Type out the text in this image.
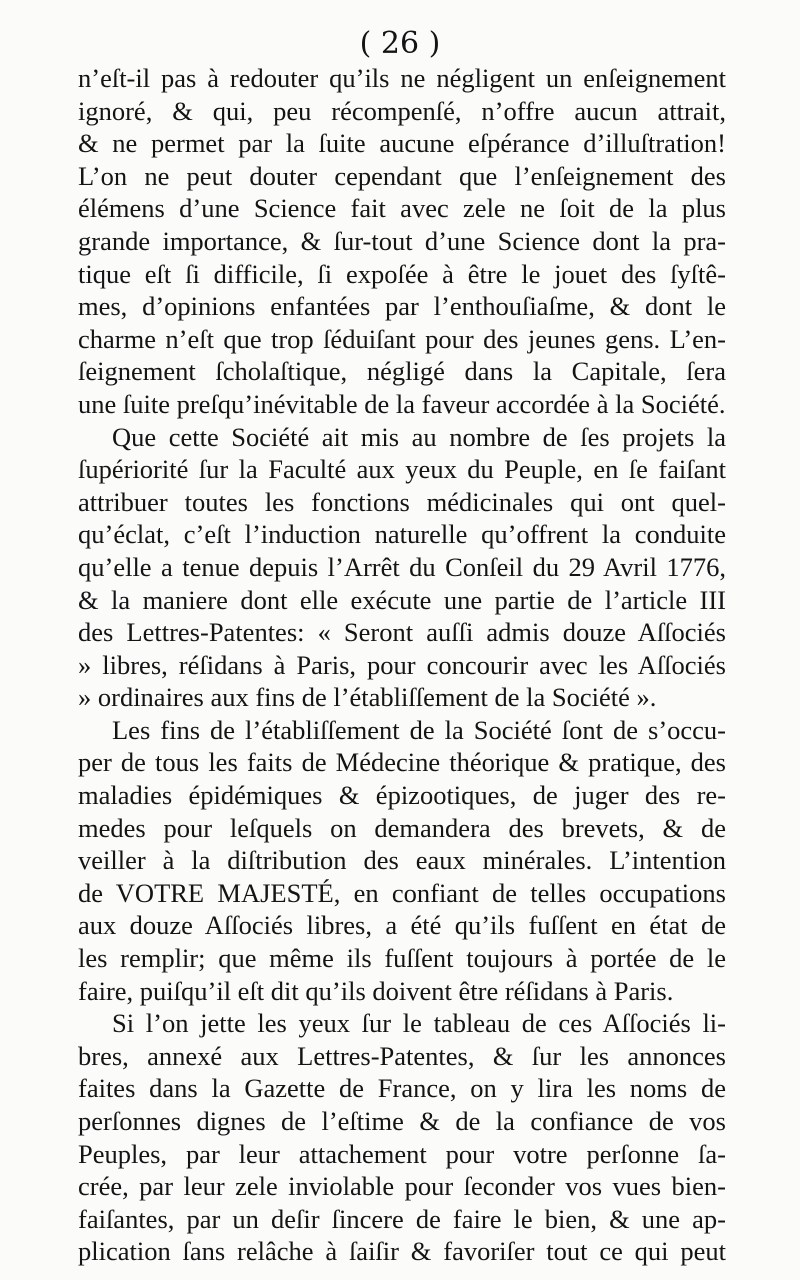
( 26 )
n’eſt-il pas à redouter qu’ils ne négligent un enſeignement
ignoré, & qui, peu récompenſé, n’offre aucun attrait,
& ne permet par la ſuite aucune eſpérance d’illuſtration!
L’on ne peut douter cependant que l’enſeignement des
élémens d’une Science fait avec zele ne ſoit de la plus
grande importance, & ſur-tout d’une Science dont la pra-
tique eſt ſi difficile, ſi expoſée à être le jouet des ſyſtê-
mes, d’opinions enfantées par l’enthouſiaſme, & dont le
charme n’eſt que trop ſéduiſant pour des jeunes gens. L’en-
ſeignement ſcholaſtique, négligé dans la Capitale, ſera
une ſuite preſqu’inévitable de la faveur accordée à la Société.
Que cette Société ait mis au nombre de ſes projets la
ſupériorité ſur la Faculté aux yeux du Peuple, en ſe faiſant
attribuer toutes les fonctions médicinales qui ont quel-
qu’éclat, c’eſt l’induction naturelle qu’offrent la conduite
qu’elle a tenue depuis l’Arrêt du Conſeil du 29 Avril 1776,
& la maniere dont elle exécute une partie de l’article III
des Lettres-Patentes: « Seront auſſi admis douze Aſſociés
» libres, réſidans à Paris, pour concourir avec les Aſſociés
» ordinaires aux fins de l’établiſſement de la Société ».
Les fins de l’établiſſement de la Société ſont de s’occu-
per de tous les faits de Médecine théorique & pratique, des
maladies épidémiques & épizootiques, de juger des re-
medes pour leſquels on demandera des brevets, & de
veiller à la diſtribution des eaux minérales. L’intention
de VOTRE MAJESTÉ, en confiant de telles occupations
aux douze Aſſociés libres, a été qu’ils fuſſent en état de
les remplir; que même ils fuſſent toujours à portée de le
faire, puiſqu’il eſt dit qu’ils doivent être réſidans à Paris.
Si l’on jette les yeux ſur le tableau de ces Aſſociés li-
bres, annexé aux Lettres-Patentes, & ſur les annonces
faites dans la Gazette de France, on y lira les noms de
perſonnes dignes de l’eſtime & de la confiance de vos
Peuples, par leur attachement pour votre perſonne ſa-
crée, par leur zele inviolable pour ſeconder vos vues bien-
faiſantes, par un deſir ſincere de faire le bien, & une ap-
plication ſans relâche à ſaiſir & favoriſer tout ce qui peut
